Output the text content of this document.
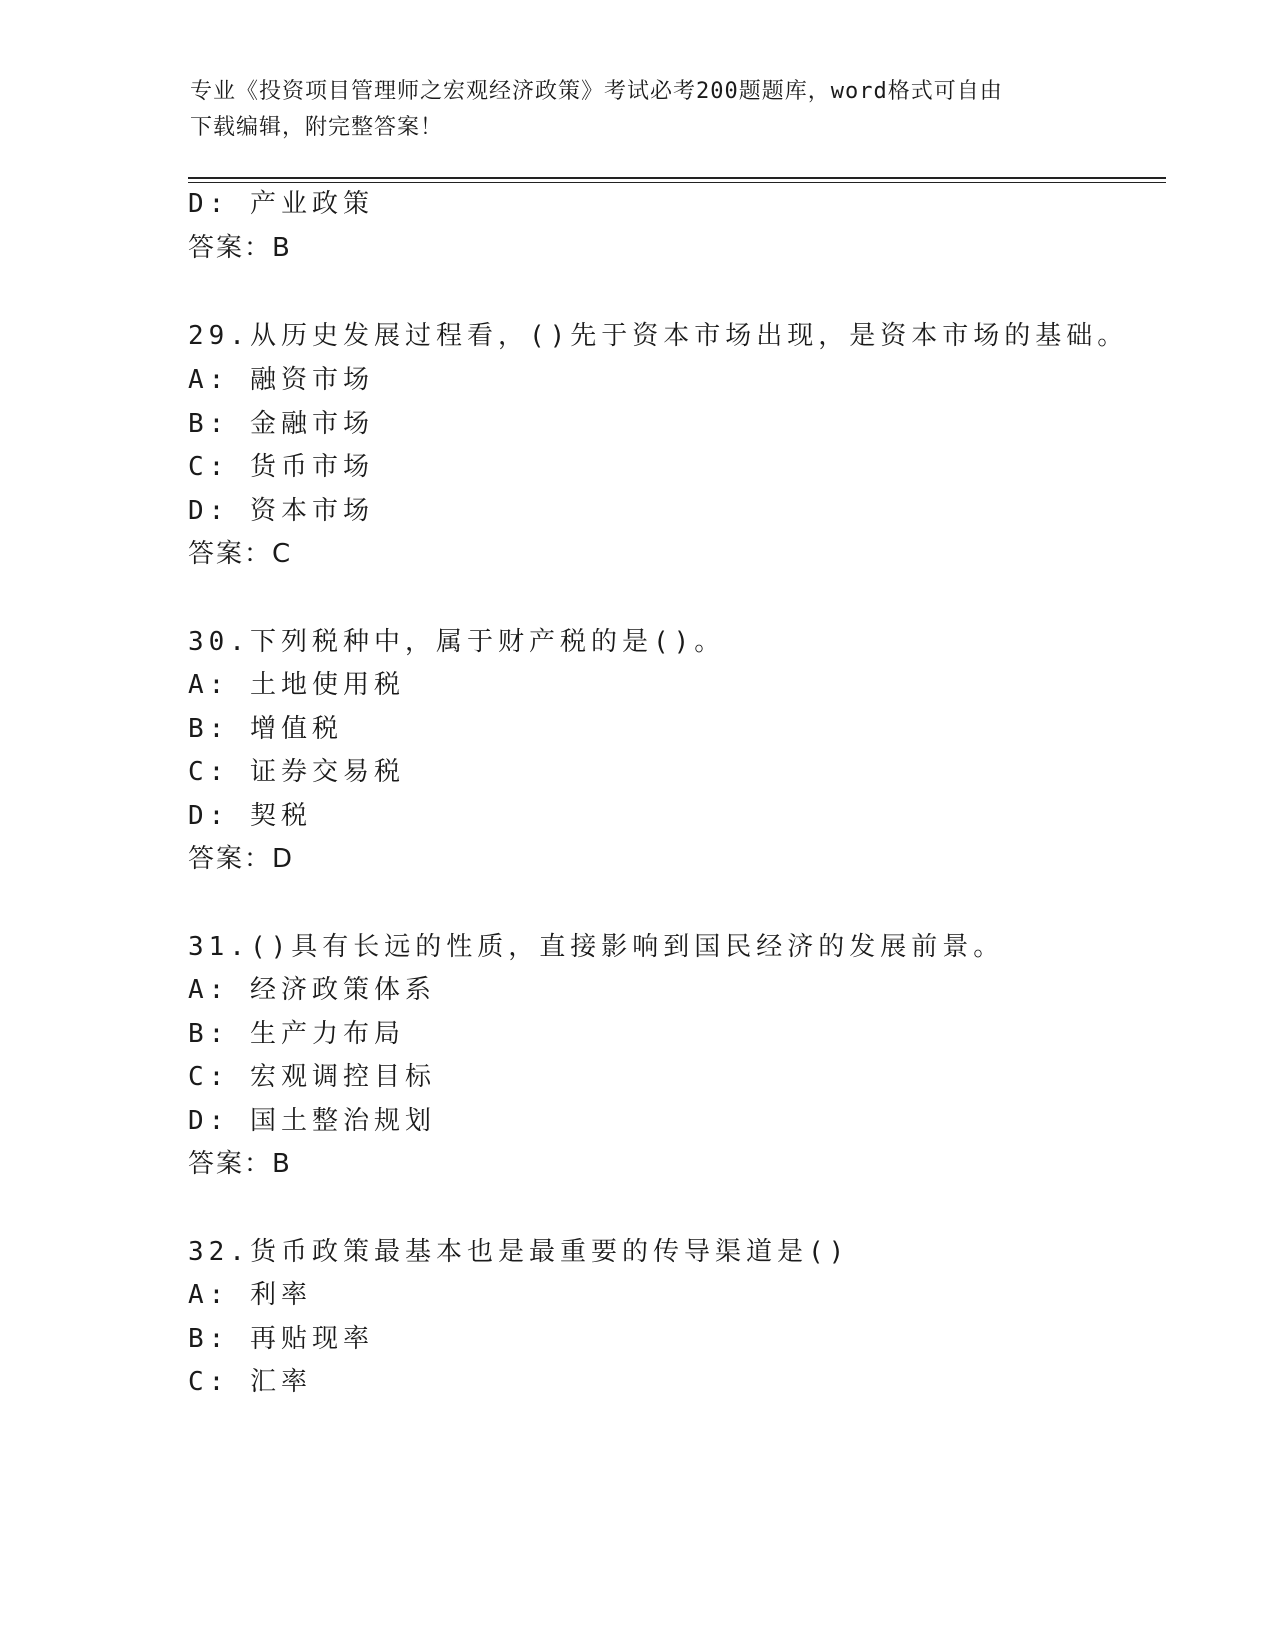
专业《投资项目管理师之宏观经济政策》考试必考200题题库，word格式可自由
下载编辑，附完整答案！
D: 产业政策
答案：B
29.从历史发展过程看，()先于资本市场出现，是资本市场的基础。
A: 融资市场
B: 金融市场
C: 货币市场
D: 资本市场
答案：C
30.下列税种中，属于财产税的是()。
A: 土地使用税
B: 增值税
C: 证券交易税
D: 契税
答案：D
31.()具有长远的性质，直接影响到国民经济的发展前景。
A: 经济政策体系
B: 生产力布局
C: 宏观调控目标
D: 国土整治规划
答案：B
32.货币政策最基本也是最重要的传导渠道是()
A: 利率
B: 再贴现率
C: 汇率
